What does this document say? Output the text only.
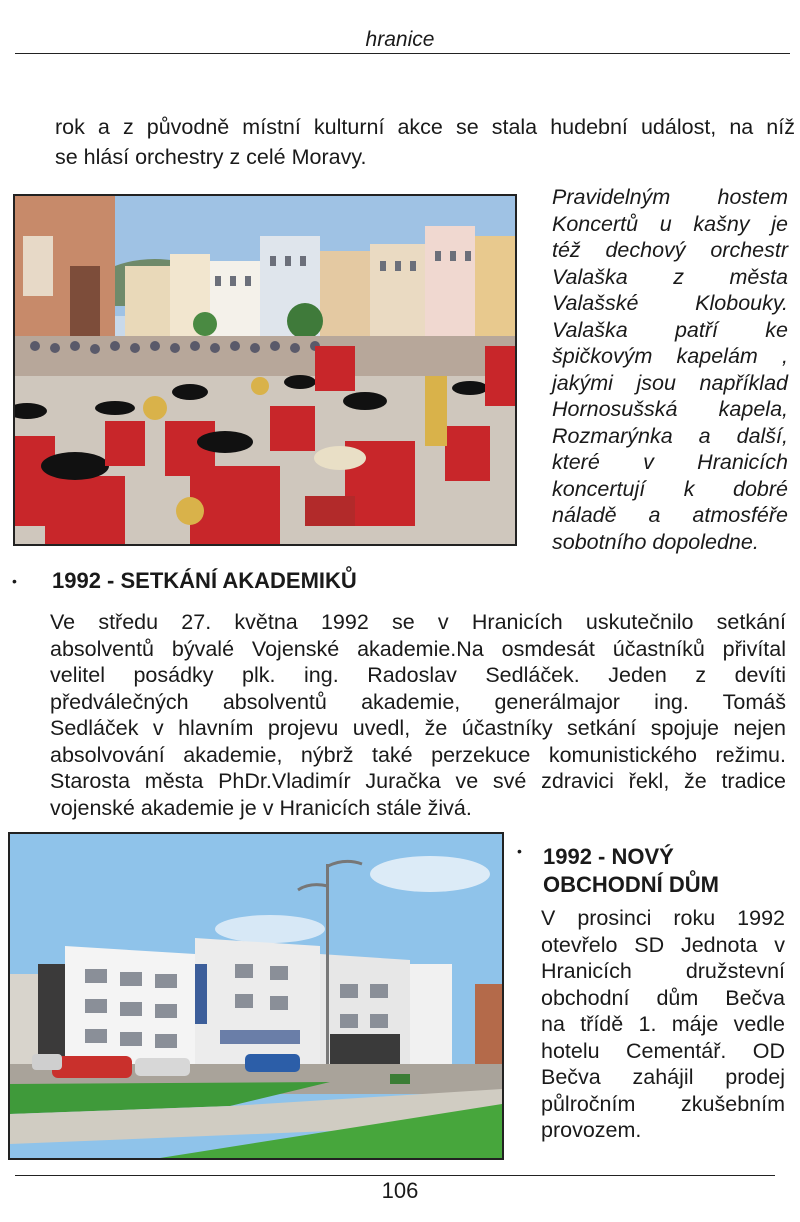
hranice
rok a z původně místní kulturní akce se stala hudební událost, na níž
se hlásí orchestry z celé Moravy.
Pravidelným hostem
Koncertů u kašny je
též dechový orchestr
Valaška z města
Valašské Klobouky.
Valaška patří ke
špičkovým kapelám ,
jakými jsou například
Hornosušská kapela,
Rozmarýnka a další,
které v Hranicích
koncertují k dobré
náladě a atmosféře
sobotního dopoledne.
• 1992 - SETKÁNÍ AKADEMIKŮ
Ve středu 27. května 1992 se v Hranicích uskutečnilo setkání
absolventů bývalé Vojenské akademie.Na osmdesát účastníků přivítal
velitel posádky plk. ing. Radoslav Sedláček. Jeden z devíti
předválečných absolventů akademie, generálmajor ing. Tomáš
Sedláček v hlavním projevu uvedl, že účastníky setkání spojuje nejen
absolvování akademie, nýbrž také perzekuce komunistického režimu.
Starosta města PhDr.Vladimír Juračka ve své zdravici řekl, že tradice
vojenské akademie je v Hranicích stále živá.
• 1992 - NOVÝ
OBCHODNÍ DŮM
V prosinci roku 1992
otevřelo SD Jednota v
Hranicích družstevní
obchodní dům Bečva
na třídě 1. máje vedle
hotelu Cementář. OD
Bečva zahájil prodej
půlročním zkušebním
provozem.
106
